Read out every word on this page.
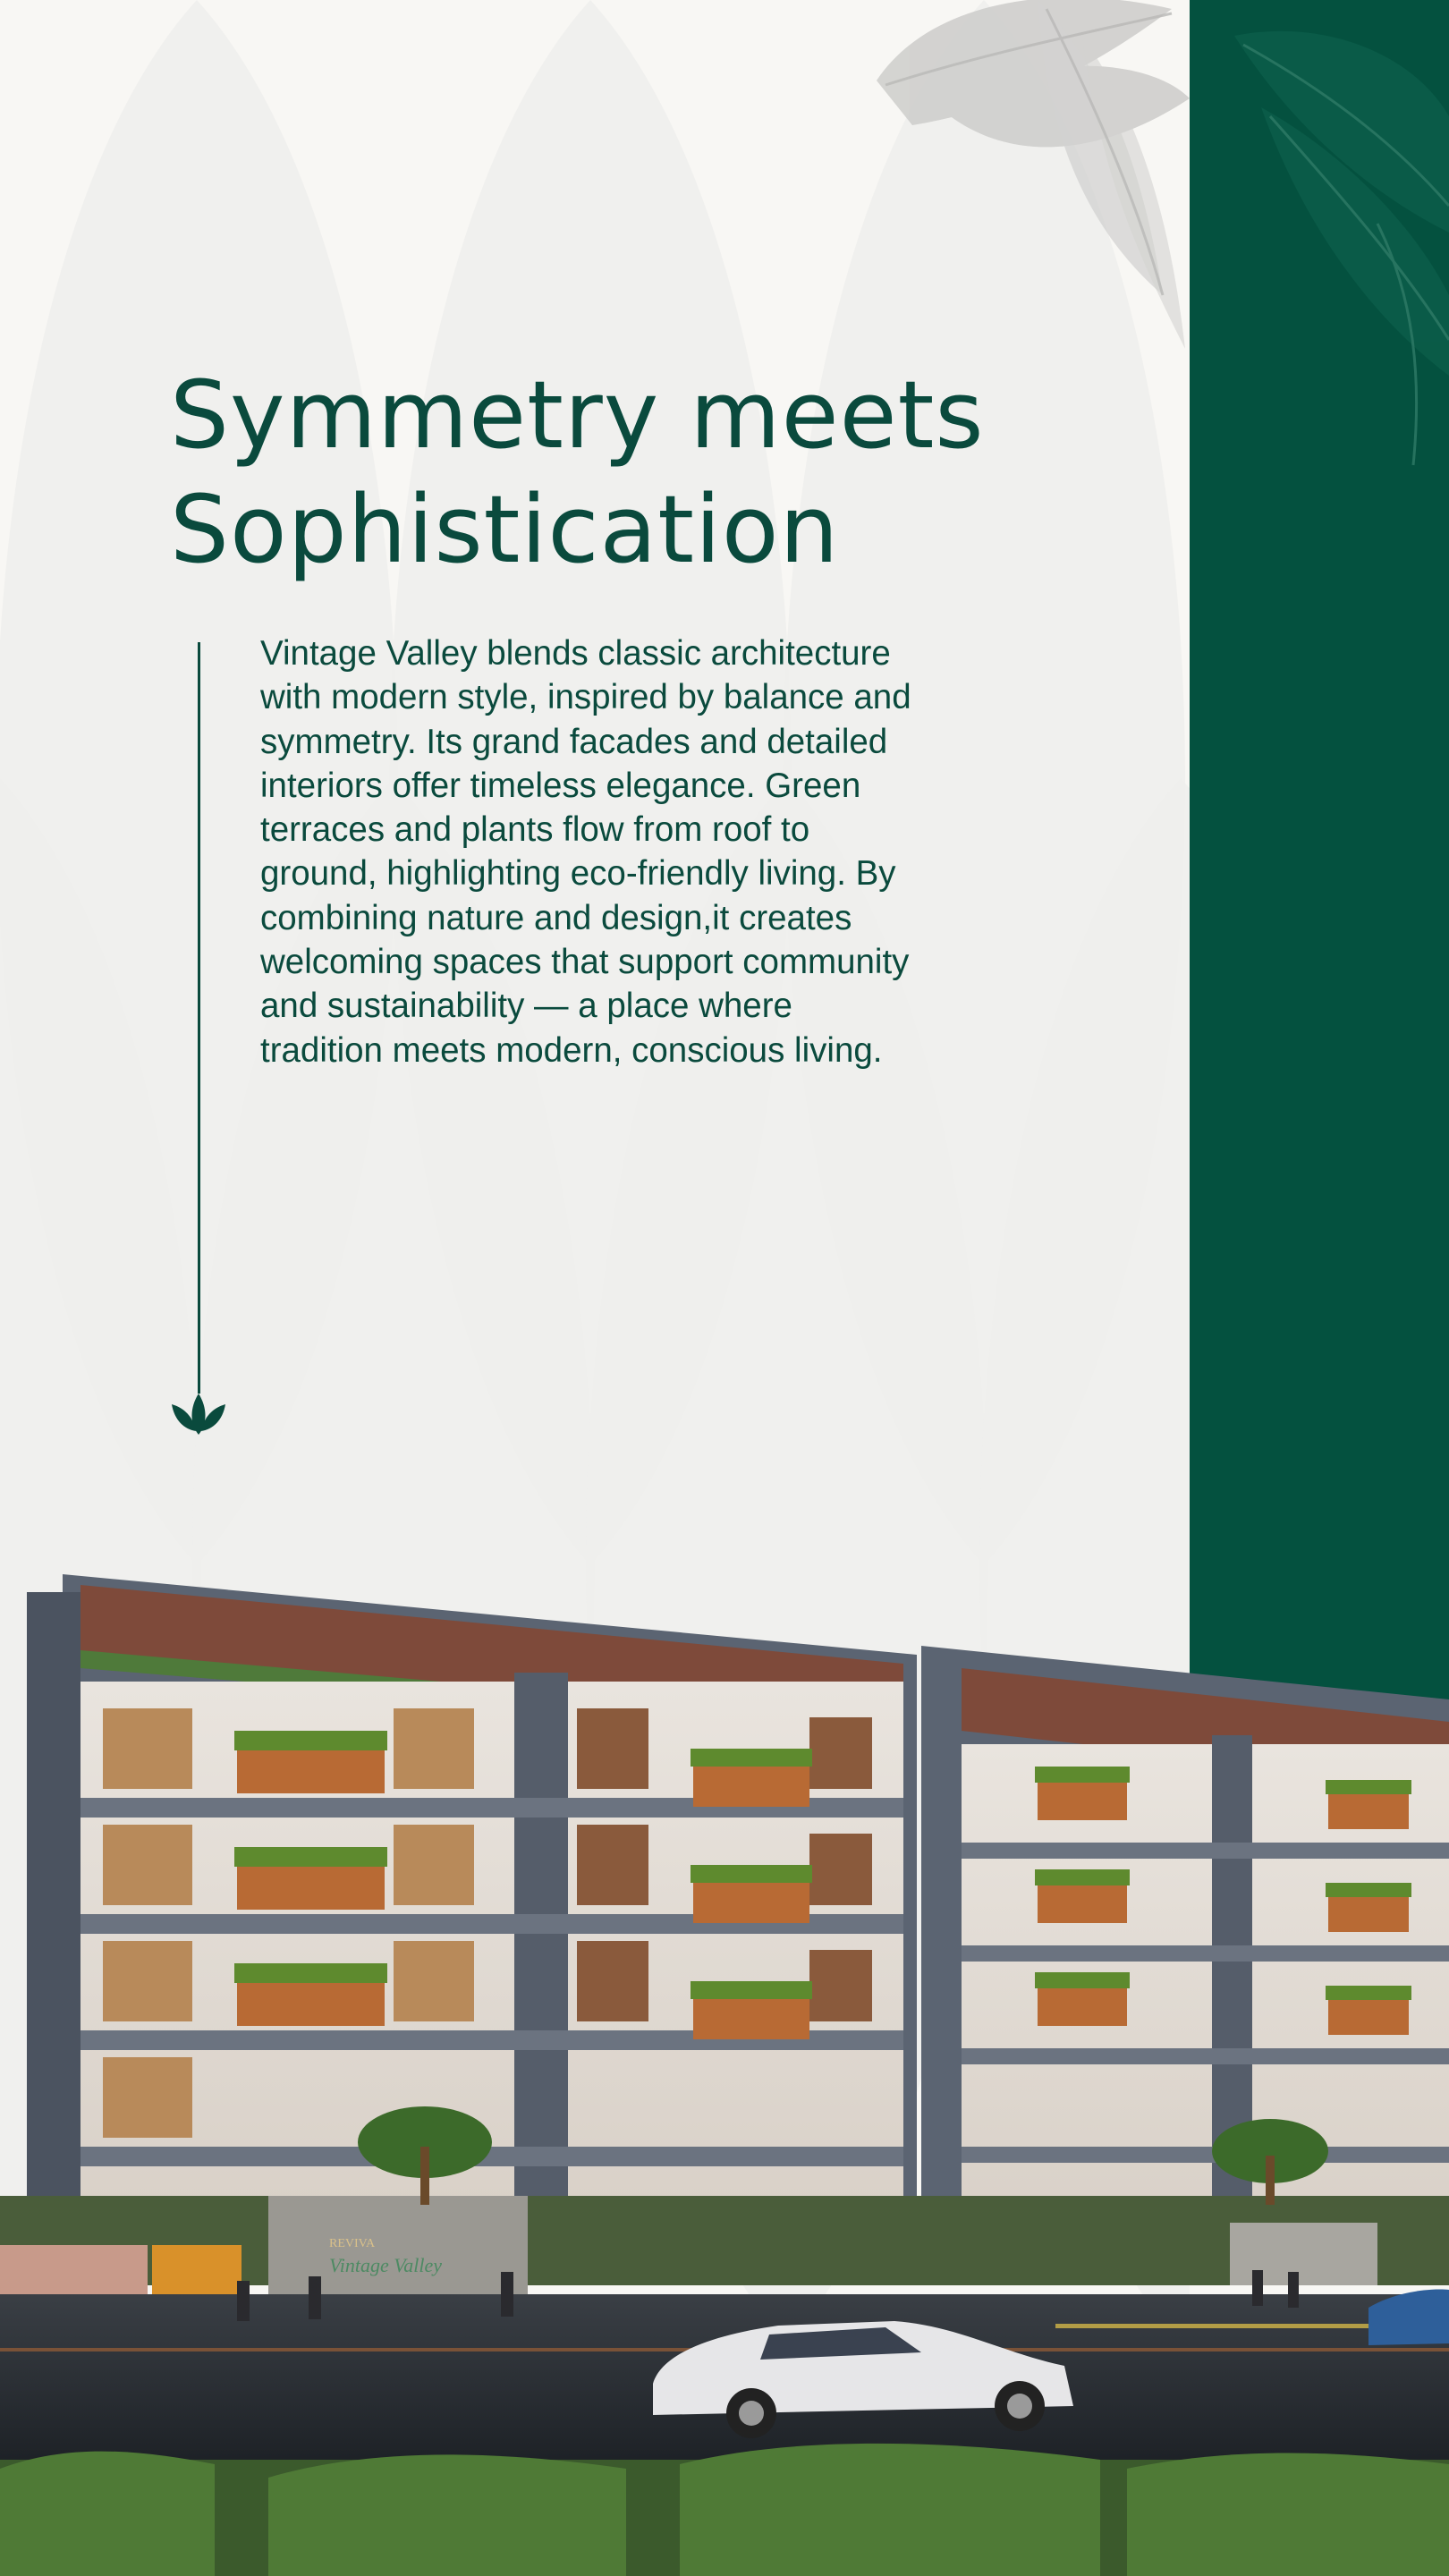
Symmetry meets
Sophistication

Vintage Valley blends classic architecture
with modern style, inspired by balance and
symmetry. Its grand facades and detailed
interiors offer timeless elegance. Green
terraces and plants flow from roof to
ground, highlighting eco-friendly living. By
combining nature and design,it creates
welcoming spaces that support community
and sustainability — a place where
tradition meets modern, conscious living.

REVIVA
Vintage Valley
